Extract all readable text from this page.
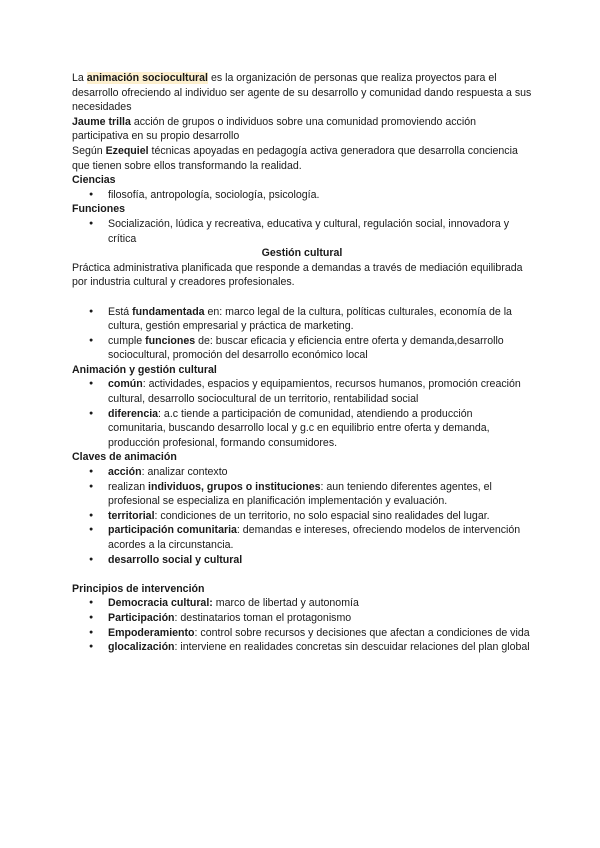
La animación sociocultural es la organización de personas que realiza proyectos para el desarrollo ofreciendo al individuo ser agente de su desarrollo y comunidad dando respuesta a sus necesidades

Jaume trilla acción de grupos o individuos sobre una comunidad promoviendo acción participativa en su propio desarrollo

Según Ezequiel técnicas apoyadas en pedagogía activa generadora que desarrolla conciencia que tienen sobre ellos transformando la realidad.

Ciencias

● filosofía, antropología, sociología, psicología.

Funciones

● Socialización, lúdica y recreativa, educativa y cultural, regulación social, innovadora y crítica

Gestión cultural

Práctica administrativa planificada que responde a demandas a través de mediación equilibrada por industria cultural y creadores profesionales.

● Está fundamentada en: marco legal de la cultura, políticas culturales, economía de la cultura, gestión empresarial y práctica de marketing.
● cumple funciones de: buscar eficacia y eficiencia entre oferta y demanda,desarrollo sociocultural, promoción del desarrollo económico local

Animación y gestión cultural

● común: actividades, espacios y equipamientos, recursos humanos, promoción creación cultural, desarrollo sociocultural de un territorio, rentabilidad social
● diferencia: a.c tiende a participación de comunidad, atendiendo a producción comunitaria, buscando desarrollo local y g.c en equilibrio entre oferta y demanda, producción profesional, formando consumidores.

Claves de animación

● acción: analizar contexto
● realizan individuos, grupos o instituciones: aun teniendo diferentes agentes, el profesional se especializa en planificación implementación y evaluación.
● territorial: condiciones de un territorio, no solo espacial sino realidades del lugar.
● participación comunitaria: demandas e intereses, ofreciendo modelos de intervención acordes a la circunstancia.
● desarrollo social y cultural

Principios de intervención

● Democracia cultural: marco de libertad y autonomía
● Participación: destinatarios toman el protagonismo
● Empoderamiento: control sobre recursos y decisiones que afectan a condiciones de vida
● glocalización: interviene en realidades concretas sin descuidar relaciones del plan global
